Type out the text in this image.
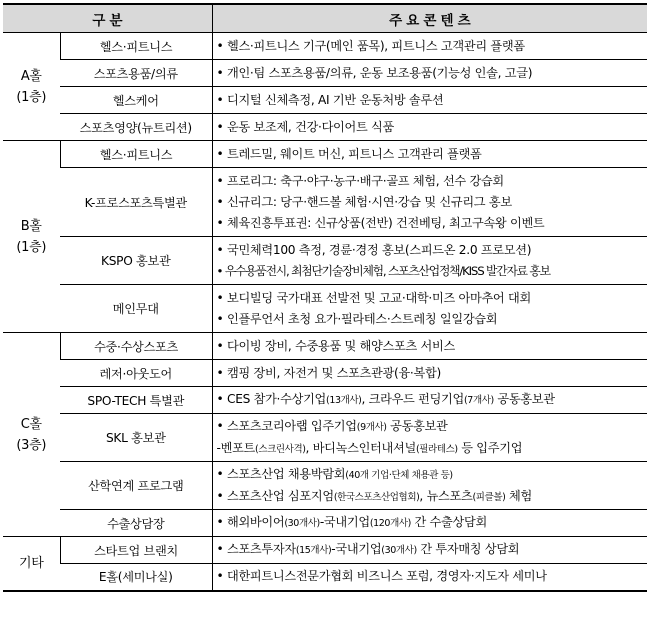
구 분		주 요 콘 텐 츠
A홀
(1층)	헬스·피트니스	• 헬스·피트니스 기구(메인 품목), 피트니스 고객관리 플랫폼

	스포츠용품/의류	• 개인·팀 스포츠용품/의류, 운동 보조용품(기능성 인솔, 고글)

	헬스케어	• 디지털 신체측정, AI 기반 운동처방 솔루션

	스포츠영양(뉴트리션)	• 운동 보조제, 건강·다이어트 식품

B홀
(1층)	헬스·피트니스	• 트레드밀, 웨이트 머신, 피트니스 고객관리 플랫폼

	K-프로스포츠특별관	• 프로리그: 축구·야구·농구·배구·골프 체험, 선수 강습회
• 신규리그: 당구·핸드볼 체험·시연·강습 및 신규리그 홍보
• 체육진흥투표권: 신규상품(전반) 건전베팅, 최고구속왕 이벤트

	KSPO 홍보관	• 국민체력100 측정, 경륜·경정 홍보(스피드온 2.0 프로모션)
• 우수용품전시, 최첨단기술장비체험, 스포츠산업정책/KISS 발간자료 홍보

	메인무대	• 보디빌딩 국가대표 선발전 및 고교·대학·미즈 아마추어 대회
• 인플루언서 초청 요가·필라테스·스트레칭 일일강습회

C홀
(3층)	수중·수상스포츠	• 다이빙 장비, 수중용품 및 해양스포츠 서비스

	레저·아웃도어	• 캠핑 장비, 자전거 및 스포츠관광(융·복합)

	SPO-TECH 특별관	• CES 참가·수상기업(13개사), 크라우드 펀딩기업(7개사) 공동홍보관

	SKL 홍보관	• 스포츠코리아랩 입주기업(9개사) 공동홍보관
-벤포트(스크린사격), 바디녹스인터내셔널(필라테스) 등 입주기업

	산학연계 프로그램	• 스포츠산업 채용박람회(40개 기업·단체 채용관 등)
• 스포츠산업 심포지엄(한국스포츠산업협회), 뉴스포츠(피클볼) 체험

	수출상담장	• 해외바이어(30개사)-국내기업(120개사) 간 수출상담회

기타	스타트업 브랜치	• 스포츠투자자(15개사)-국내기업(30개사) 간 투자매칭 상담회

	E홀(세미나실)	• 대한피트니스전문가협회 비즈니스 포럼, 경영자·지도자 세미나
